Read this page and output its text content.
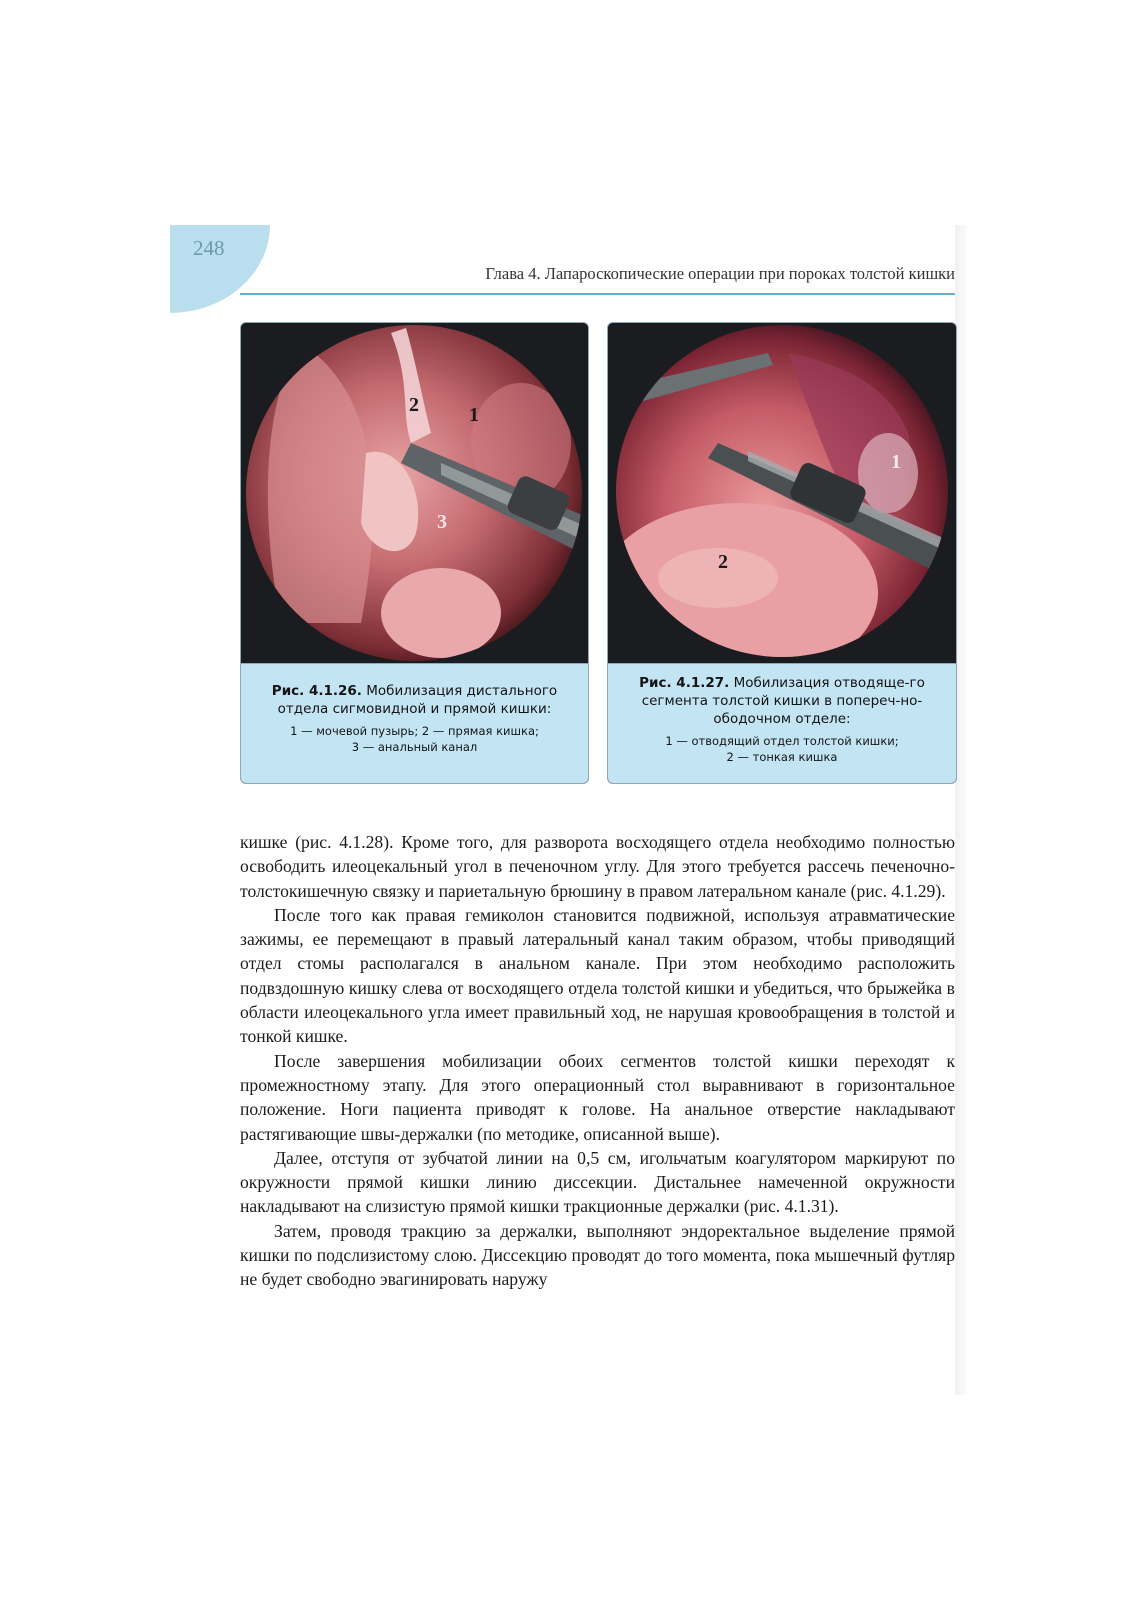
248
Глава 4. Лапароскопические операции при пороках толстой кишки
2	1
3
Рис. 4.1.26. Мобилизация дистального отдела сигмовидной и прямой кишки:
1 — мочевой пузырь; 2 — прямая кишка;
3 — анальный канал
1
2
Рис. 4.1.27. Мобилизация отводяще-го сегмента толстой кишки в попереч-но-ободочном отделе:
1 — отводящий отдел толстой кишки;
2 — тонкая кишка

кишке (рис. 4.1.28). Кроме того, для разворота восходящего отдела необходимо полностью освободить илеоцекальный угол в печеночном углу. Для этого требуется рассечь печеночно-толстокишечную связку и париетальную брюшину в правом латеральном канале (рис. 4.1.29).

После того как правая гемиколон становится подвижной, используя атравматические зажимы, ее перемещают в правый латеральный канал таким образом, чтобы приводящий отдел стомы располагался в анальном канале. При этом необходимо расположить подвздошную кишку слева от восходящего отдела толстой кишки и убедиться, что брыжейка в области илеоцекального угла имеет правильный ход, не нарушая кровообращения в толстой и тонкой кишке.

После завершения мобилизации обоих сегментов толстой кишки переходят к промежностному этапу. Для этого операционный стол выравнивают в горизонтальное положение. Ноги пациента приводят к голове. На анальное отверстие накладывают растягивающие швы-держалки (по методике, описанной выше).

Далее, отступя от зубчатой линии на 0,5 см, игольчатым коагулятором маркируют по окружности прямой кишки линию диссекции. Дистальнее намеченной окружности накладывают на слизистую прямой кишки тракционные держалки (рис. 4.1.31).

Затем, проводя тракцию за держалки, выполняют эндоректальное выделение прямой кишки по подслизистому слою. Диссекцию проводят до того момента, пока мышечный футляр не будет свободно эвагинировать наружу
